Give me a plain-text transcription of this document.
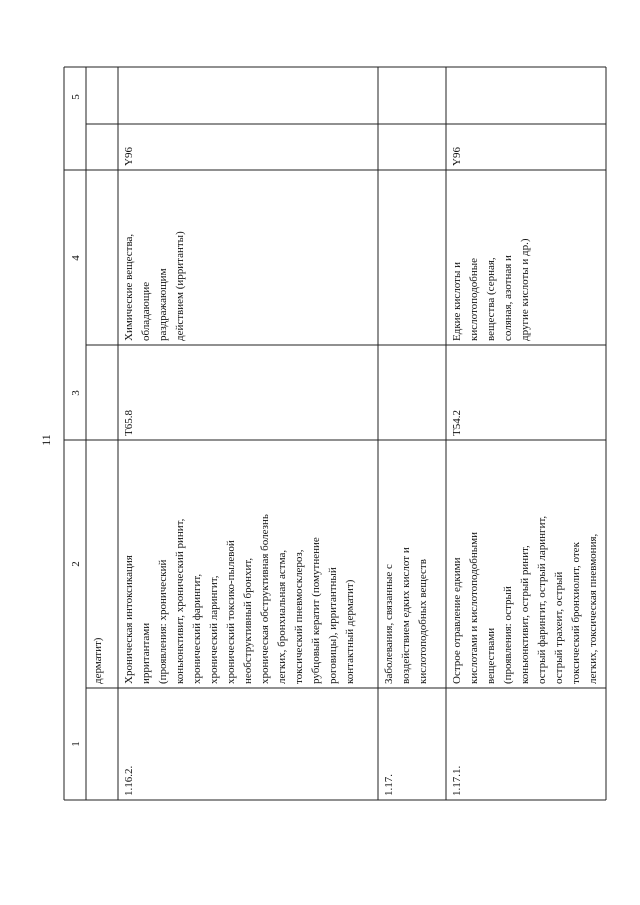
11
1
2
3
4
5
дерматит)
1.16.2.
Хроническая интоксикация ирритантами (проявления: хронический коньюнктивит, хронический ринит, хронический фарингит, хронический ларингит, хронический токсико-пылевой необструктивный бронхит, хроническая обструктивная болезнь легких, бронхиальная астма, токсический пневмосклероз, рубцовый кератит (помутнение роговицы), ирритантный контактный дерматит)
T65.8
Химические вещества, обладающие раздражающим действием (ирританты)
Y96
1.17.
Заболевания, связанные с воздействием едких кислот и кислотоподобных веществ
1.17.1.
Острое отравление едкими кислотами и кислотоподобными веществами (проявления: острый коньюнктивит, острый ринит, острый фарингит, острый ларингит, острый трахеит, острый токсический бронхиолит, отек легких, токсическая пневмония,
T54.2
Едкие кислоты и кислотоподобные вещества (серная, соляная, азотная и другие кислоты и др.)
Y96
